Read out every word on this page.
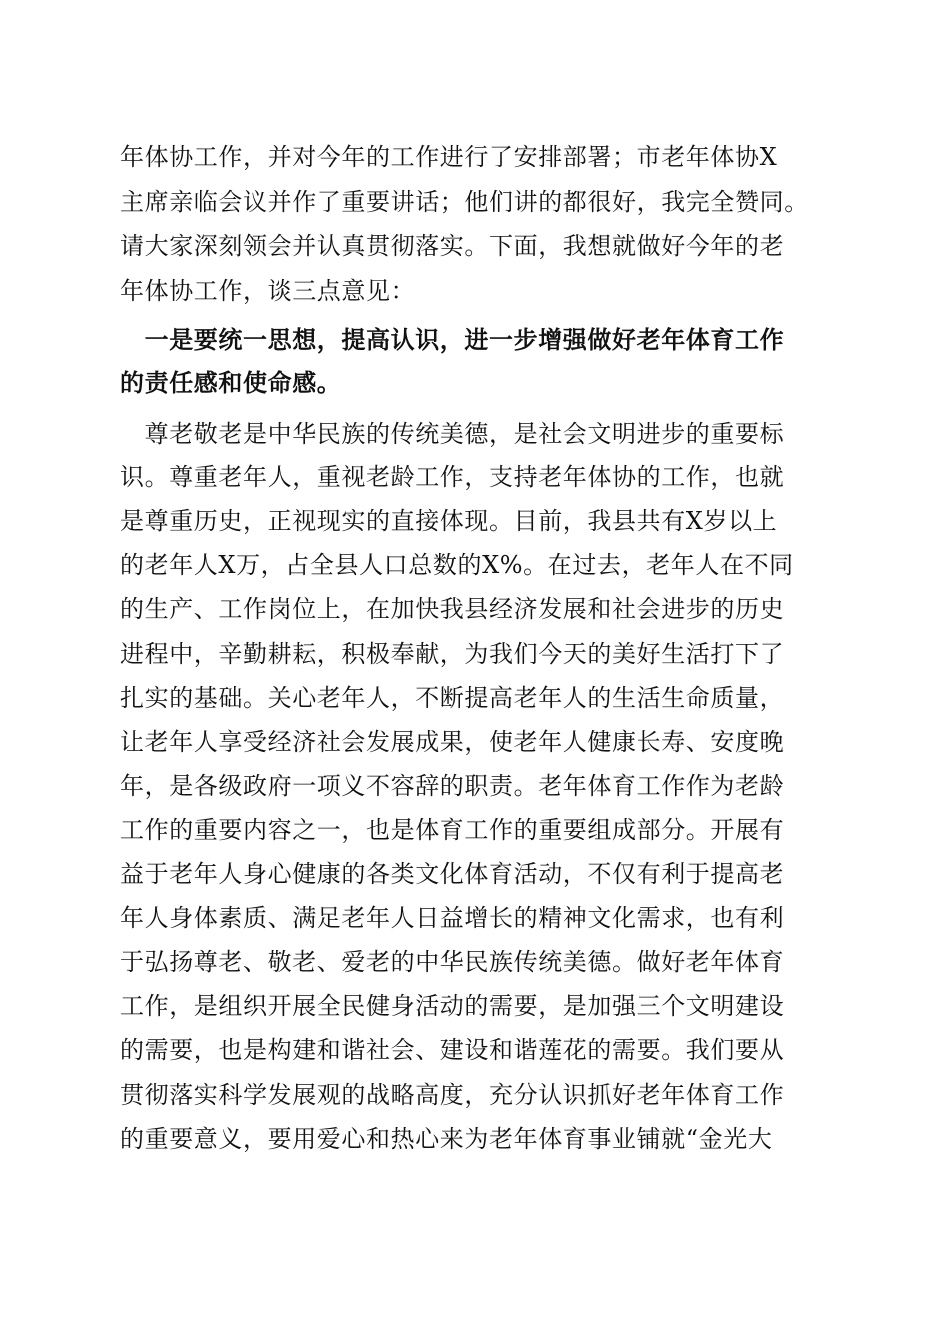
年体协工作，并对今年的工作进行了安排部署；市老年体协X
主席亲临会议并作了重要讲话；他们讲的都很好，我完全赞同。
请大家深刻领会并认真贯彻落实。下面，我想就做好今年的老
年体协工作，谈三点意见：
　一是要统一思想，提高认识，进一步增强做好老年体育工作
的责任感和使命感。
　尊老敬老是中华民族的传统美德，是社会文明进步的重要标
识。尊重老年人，重视老龄工作，支持老年体协的工作，也就
是尊重历史，正视现实的直接体现。目前，我县共有X岁以上
的老年人X万，占全县人口总数的X%。在过去，老年人在不同
的生产、工作岗位上，在加快我县经济发展和社会进步的历史
进程中，辛勤耕耘，积极奉献，为我们今天的美好生活打下了
扎实的基础。关心老年人，不断提高老年人的生活生命质量，
让老年人享受经济社会发展成果，使老年人健康长寿、安度晚
年，是各级政府一项义不容辞的职责。老年体育工作作为老龄
工作的重要内容之一，也是体育工作的重要组成部分。开展有
益于老年人身心健康的各类文化体育活动，不仅有利于提高老
年人身体素质、满足老年人日益增长的精神文化需求，也有利
于弘扬尊老、敬老、爱老的中华民族传统美德。做好老年体育
工作，是组织开展全民健身活动的需要，是加强三个文明建设
的需要，也是构建和谐社会、建设和谐莲花的需要。我们要从
贯彻落实科学发展观的战略高度，充分认识抓好老年体育工作
的重要意义，要用爱心和热心来为老年体育事业铺就“金光大
